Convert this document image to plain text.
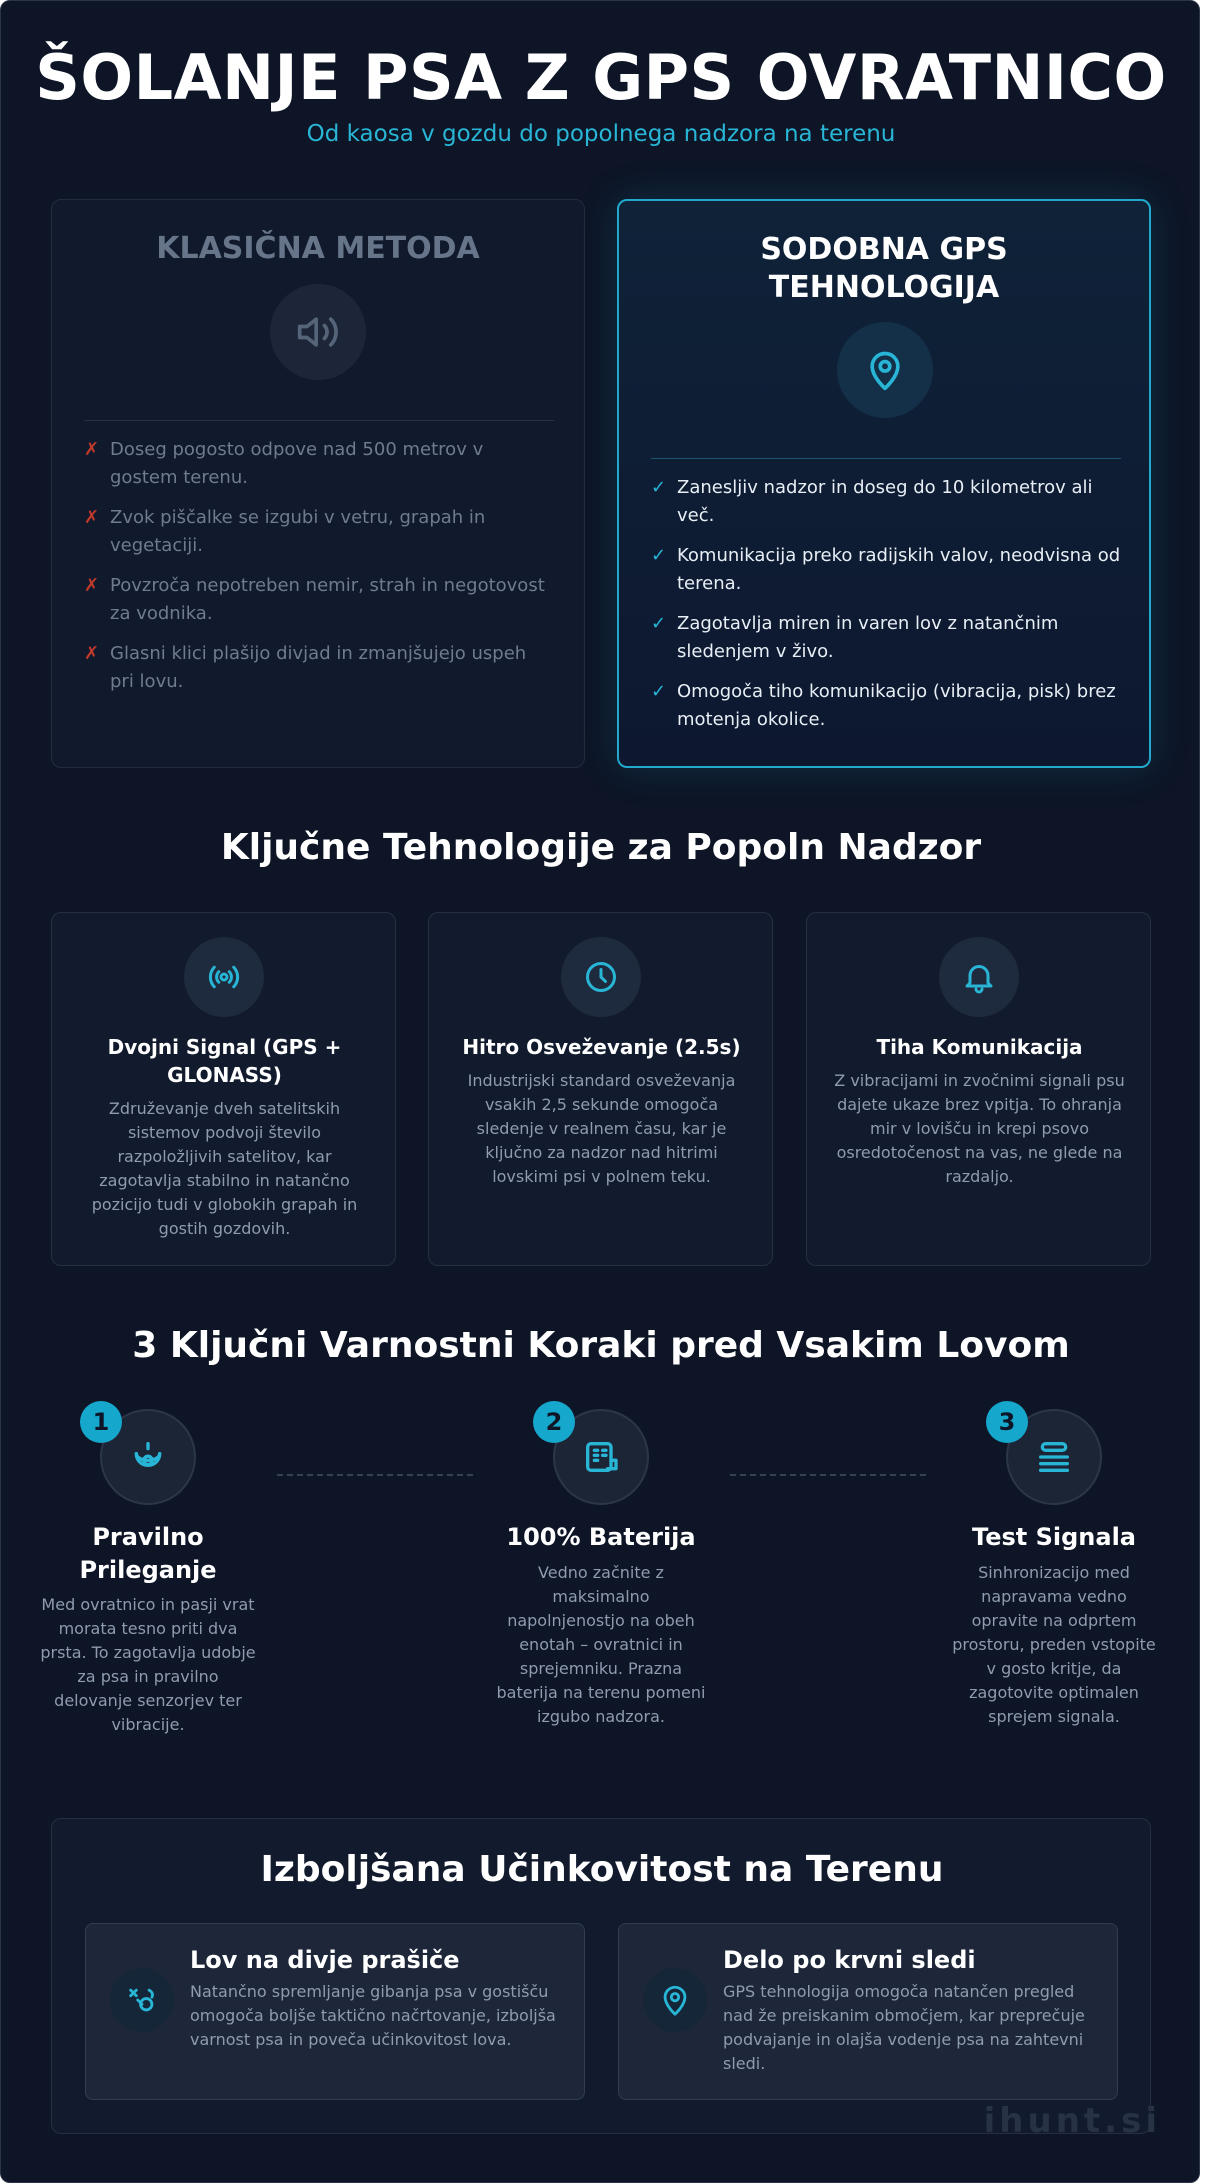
ŠOLANJE PSA Z GPS OVRATNICO
Od kaosa v gozdu do popolnega nadzora na terenu
KLASIČNA METODA
✗ Doseg pogosto odpove nad 500 metrov v gostem terenu.
✗ Zvok piščalke se izgubi v vetru, grapah in vegetaciji.
✗ Povzroča nepotreben nemir, strah in negotovost za vodnika.
✗ Glasni klici plašijo divjad in zmanjšujejo uspeh pri lovu.
SODOBNA GPS
TEHNOLOGIJA
✓ Zanesljiv nadzor in doseg do 10 kilometrov ali več.
✓ Komunikacija preko radijskih valov, neodvisna od terena.
✓ Zagotavlja miren in varen lov z natančnim sledenjem v živo.
✓ Omogoča tiho komunikacijo (vibracija, pisk) brez motenja okolice.
Ključne Tehnologije za Popoln Nadzor
Dvojni Signal (GPS + GLONASS)
Združevanje dveh satelitskih sistemov podvoji število razpoložljivih satelitov, kar zagotavlja stabilno in natančno pozicijo tudi v globokih grapah in gostih gozdovih.
Hitro Osveževanje (2.5s)
Industrijski standard osveževanja vsakih 2,5 sekunde omogoča sledenje v realnem času, kar je ključno za nadzor nad hitrimi lovskimi psi v polnem teku.
Tiha Komunikacija
Z vibracijami in zvočnimi signali psu dajete ukaze brez vpitja. To ohranja mir v lovišču in krepi psovo osredotočenost na vas, ne glede na razdaljo.
3 Ključni Varnostni Koraki pred Vsakim Lovom
1
Pravilno
Prileganje
Med ovratnico in pasji vrat morata tesno priti dva prsta. To zagotavlja udobje za psa in pravilno delovanje senzorjev ter vibracije.
2
100% Baterija
Vedno začnite z maksimalno napolnjenostjo na obeh enotah – ovratnici in sprejemniku. Prazna baterija na terenu pomeni izgubo nadzora.
3
Test Signala
Sinhronizacijo med napravama vedno opravite na odprtem prostoru, preden vstopite v gosto kritje, da zagotovite optimalen sprejem signala.
Izboljšana Učinkovitost na Terenu
Lov na divje prašiče
Natančno spremljanje gibanja psa v gostišču omogoča boljše taktično načrtovanje, izboljša varnost psa in poveča učinkovitost lova.
Delo po krvni sledi
GPS tehnologija omogoča natančen pregled nad že preiskanim območjem, kar preprečuje podvajanje in olajša vodenje psa na zahtevni sledi.
ihunt.si
